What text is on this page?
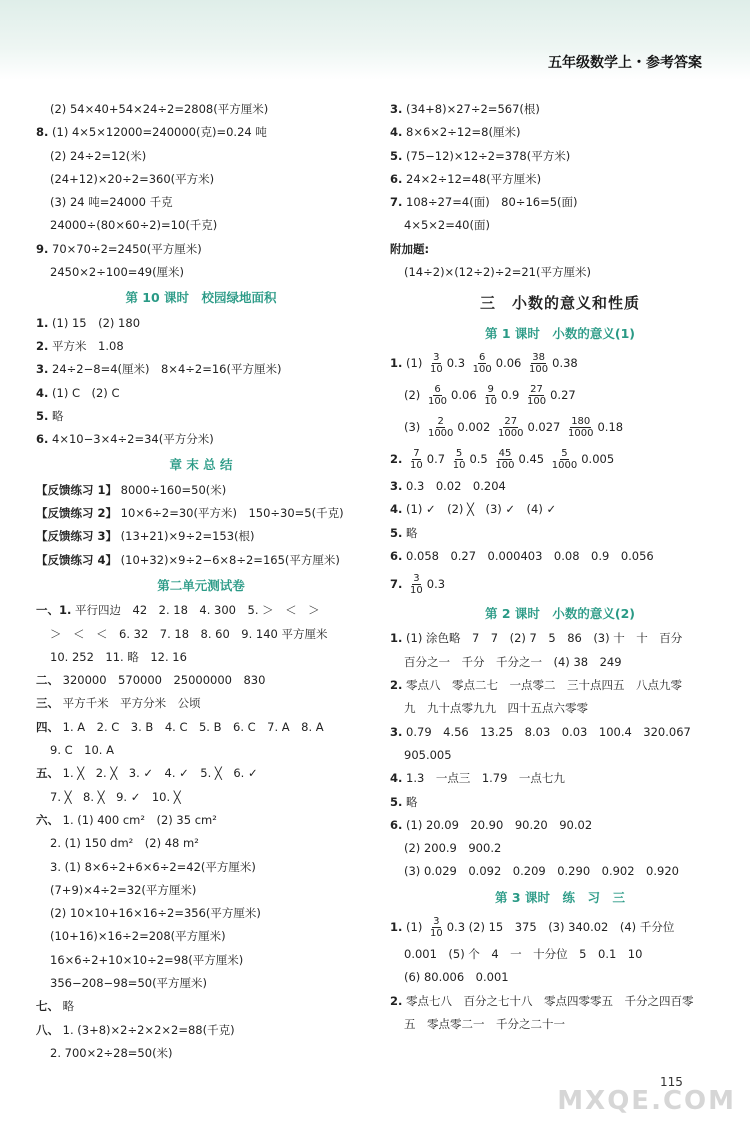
五年级数学上・参考答案
(2) 54×40+54×24÷2=2808(平方厘米)
8. (1) 4×5×12000=240000(克)=0.24 吨
(2) 24÷2=12(米)
(24+12)×20÷2=360(平方米)
(3) 24 吨=24000 千克
24000÷(80×60÷2)=10(千克)
9. 70×70÷2=2450(平方厘米)
2450×2÷100=49(厘米)
第 10 课时　校园绿地面积
1. (1) 15　(2) 180
2. 平方米　1.08
3. 24÷2−8=4(厘米)　8×4÷2=16(平方厘米)
4. (1) C　(2) C
5. 略
6. 4×10−3×4÷2=34(平方分米)
章 末 总 结
【反馈练习 1】 8000÷160=50(米)
【反馈练习 2】 10×6÷2=30(平方米)　150÷30=5(千克)
【反馈练习 3】 (13+21)×9÷2=153(根)
【反馈练习 4】 (10+32)×9÷2−6×8÷2=165(平方厘米)
第二单元测试卷
一、1. 平行四边　42　2. 18　4. 300　5. ＞　＜　＞
＞　＜　＜　6. 32　7. 18　8. 60　9. 140 平方厘米
10. 252　11. 略　12. 16
二、 320000　570000　25000000　830
三、 平方千米　平方分米　公顷
四、 1. A　2. C　3. B　4. C　5. B　6. C　7. A　8. A
9. C　10. A
五、 1. ╳　2. ╳　3. ✓　4. ✓　5. ╳　6. ✓
7. ╳　8. ╳　9. ✓　10. ╳
六、 1. (1) 400 cm²　(2) 35 cm²
2. (1) 150 dm²　(2) 48 m²
3. (1) 8×6÷2+6×6÷2=42(平方厘米)
(7+9)×4÷2=32(平方厘米)
(2) 10×10+16×16÷2=356(平方厘米)
(10+16)×16÷2=208(平方厘米)
16×6÷2+10×10÷2=98(平方厘米)
356−208−98=50(平方厘米)
七、 略
八、 1. (3+8)×2÷2×2×2=88(千克)
2. 700×2÷28=50(米)
3. (34+8)×27÷2=567(根)
4. 8×6×2÷12=8(厘米)
5. (75−12)×12÷2=378(平方米)
6. 24×2÷12=48(平方厘米)
7. 108÷27=4(面)　80÷16=5(面)
4×5×2=40(面)
附加题:
(14÷2)×(12÷2)÷2=21(平方厘米)
三　小数的意义和性质
第 1 课时　小数的意义(1)
1. $(1) \frac{3}{10} 0.3 \frac{6}{100} 0.06 \frac{38}{100} 0.38$
$(2) \frac{6}{100} 0.06 \frac{9}{10} 0.9 \frac{27}{100} 0.27$
$(3) \frac{2}{1000} 0.002 \frac{27}{1000} 0.027 \frac{180}{1000} 0.18$
2. $\frac{7}{10} 0.7 \frac{5}{10} 0.5 \frac{45}{100} 0.45 \frac{5}{1000} 0.005$
3. 0.3　0.02　0.204
4. (1) ✓　(2) ╳　(3) ✓　(4) ✓
5. 略
6. 0.058　0.27　0.000403　0.08　0.9　0.056
7. $\frac{3}{10} 0.3$
第 2 课时　小数的意义(2)
1. (1) 涂色略　7　7　(2) 7　5　86　(3) 十　十　百分
百分之一　千分　千分之一　(4) 38　249
2. 零点八　零点二七　一点零二　三十点四五　八点九零
九　九十点零九九　四十五点六零零
3. 0.79　4.56　13.25　8.03　0.03　100.4　320.067
905.005
4. 1.3　一点三　1.79　一点七九
5. 略
6. (1) 20.09　20.90　90.20　90.02
(2) 200.9　900.2
(3) 0.029　0.092　0.209　0.290　0.902　0.920
第 3 课时　练　习　三
1. $(1) \frac{3}{10} 0.3$ (2) 15　375　(3) 340.02　(4) 千分位
0.001　(5) 个　4　一　十分位　5　0.1　10
(6) 80.006　0.001
2. 零点七八　百分之七十八　零点四零零五　千分之四百零
五　零点零二一　千分之二十一
115
MXQE.COM
